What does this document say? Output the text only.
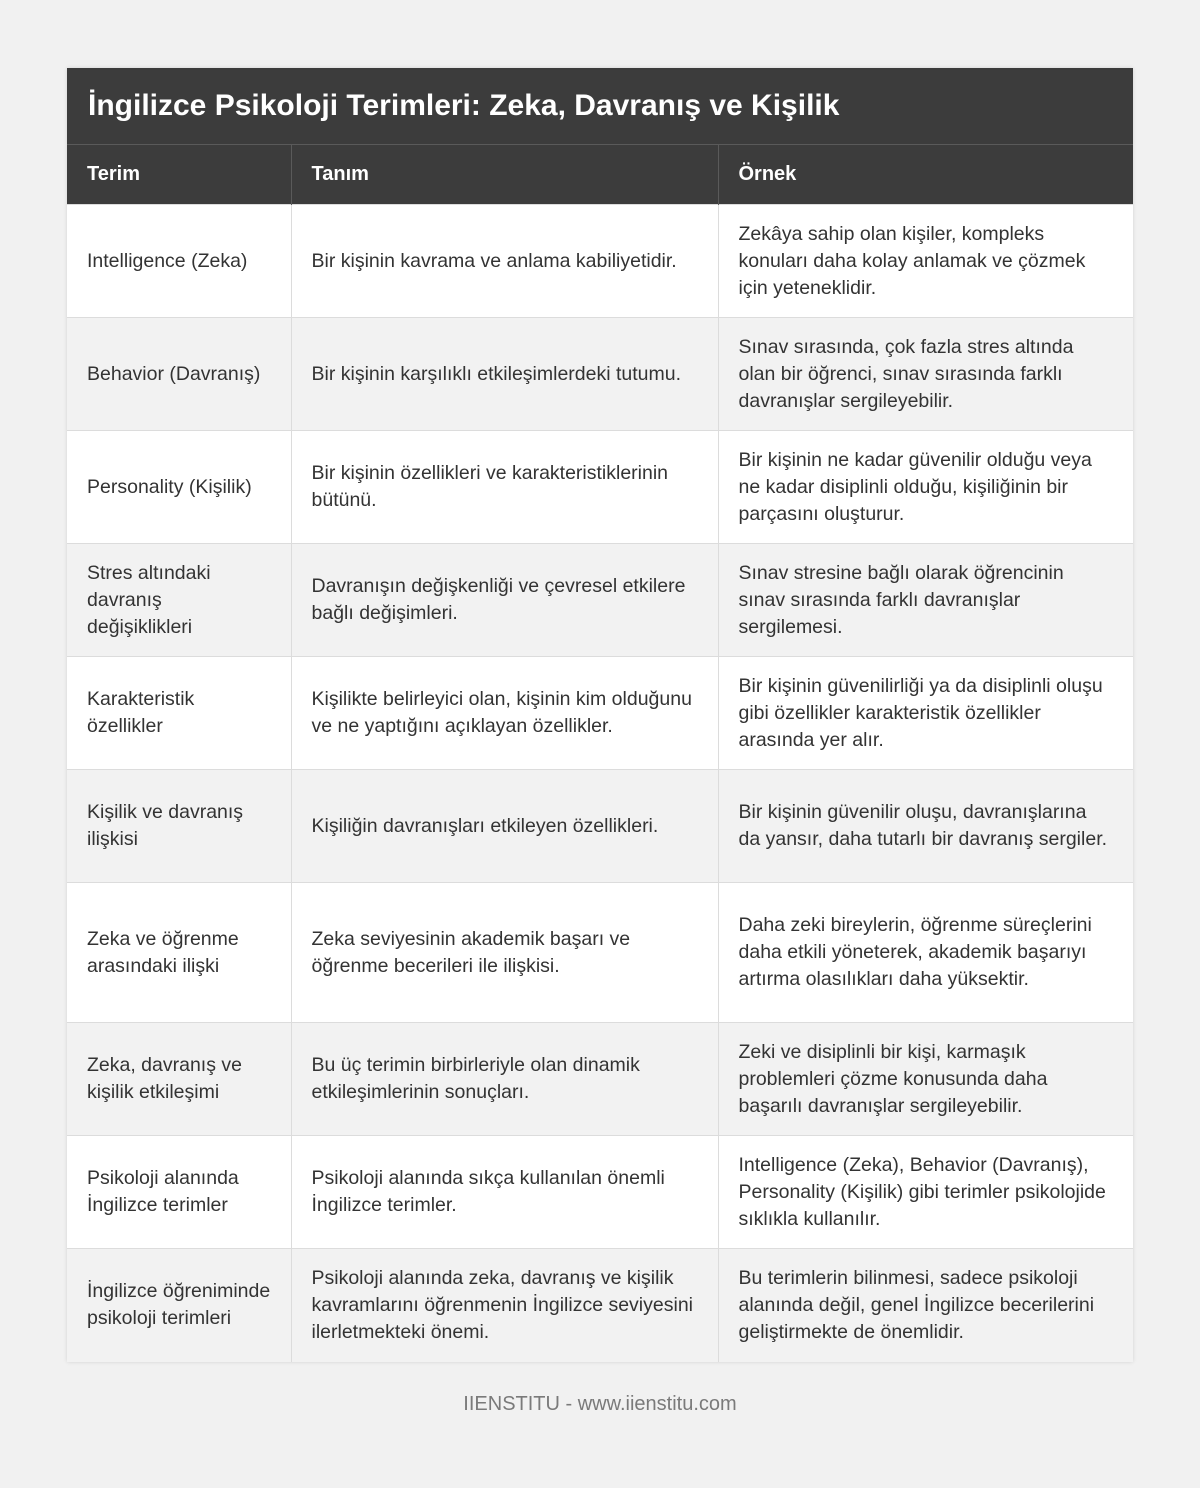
İngilizce Psikoloji Terimleri: Zeka, Davranış ve Kişilik
Terim	Tanım	Örnek
Intelligence (Zeka)	Bir kişinin kavrama ve anlama kabiliyetidir.	Zekâya sahip olan kişiler, kompleks konuları daha kolay anlamak ve çözmek için yeteneklidir.
Behavior (Davranış)	Bir kişinin karşılıklı etkileşimlerdeki tutumu.	Sınav sırasında, çok fazla stres altında olan bir öğrenci, sınav sırasında farklı davranışlar sergileyebilir.
Personality (Kişilik)	Bir kişinin özellikleri ve karakteristiklerinin bütünü.	Bir kişinin ne kadar güvenilir olduğu veya ne kadar disiplinli olduğu, kişiliğinin bir parçasını oluşturur.
Stres altındaki davranış değişiklikleri	Davranışın değişkenliği ve çevresel etkilere bağlı değişimleri.	Sınav stresine bağlı olarak öğrencinin sınav sırasında farklı davranışlar sergilemesi.
Karakteristik özellikler	Kişilikte belirleyici olan, kişinin kim olduğunu ve ne yaptığını açıklayan özellikler.	Bir kişinin güvenilirliği ya da disiplinli oluşu gibi özellikler karakteristik özellikler arasında yer alır.
Kişilik ve davranış ilişkisi	Kişiliğin davranışları etkileyen özellikleri.	Bir kişinin güvenilir oluşu, davranışlarına da yansır, daha tutarlı bir davranış sergiler.
Zeka ve öğrenme arasındaki ilişki	Zeka seviyesinin akademik başarı ve öğrenme becerileri ile ilişkisi.	Daha zeki bireylerin, öğrenme süreçlerini daha etkili yöneterek, akademik başarıyı artırma olasılıkları daha yüksektir.
Zeka, davranış ve kişilik etkileşimi	Bu üç terimin birbirleriyle olan dinamik etkileşimlerinin sonuçları.	Zeki ve disiplinli bir kişi, karmaşık problemleri çözme konusunda daha başarılı davranışlar sergileyebilir.
Psikoloji alanında İngilizce terimler	Psikoloji alanında sıkça kullanılan önemli İngilizce terimler.	Intelligence (Zeka), Behavior (Davranış), Personality (Kişilik) gibi terimler psikolojide sıklıkla kullanılır.
İngilizce öğreniminde psikoloji terimleri	Psikoloji alanında zeka, davranış ve kişilik kavramlarını öğrenmenin İngilizce seviyesini ilerletmekteki önemi.	Bu terimlerin bilinmesi, sadece psikoloji alanında değil, genel İngilizce becerilerini geliştirmekte de önemlidir.
IIENSTITU - www.iienstitu.com
